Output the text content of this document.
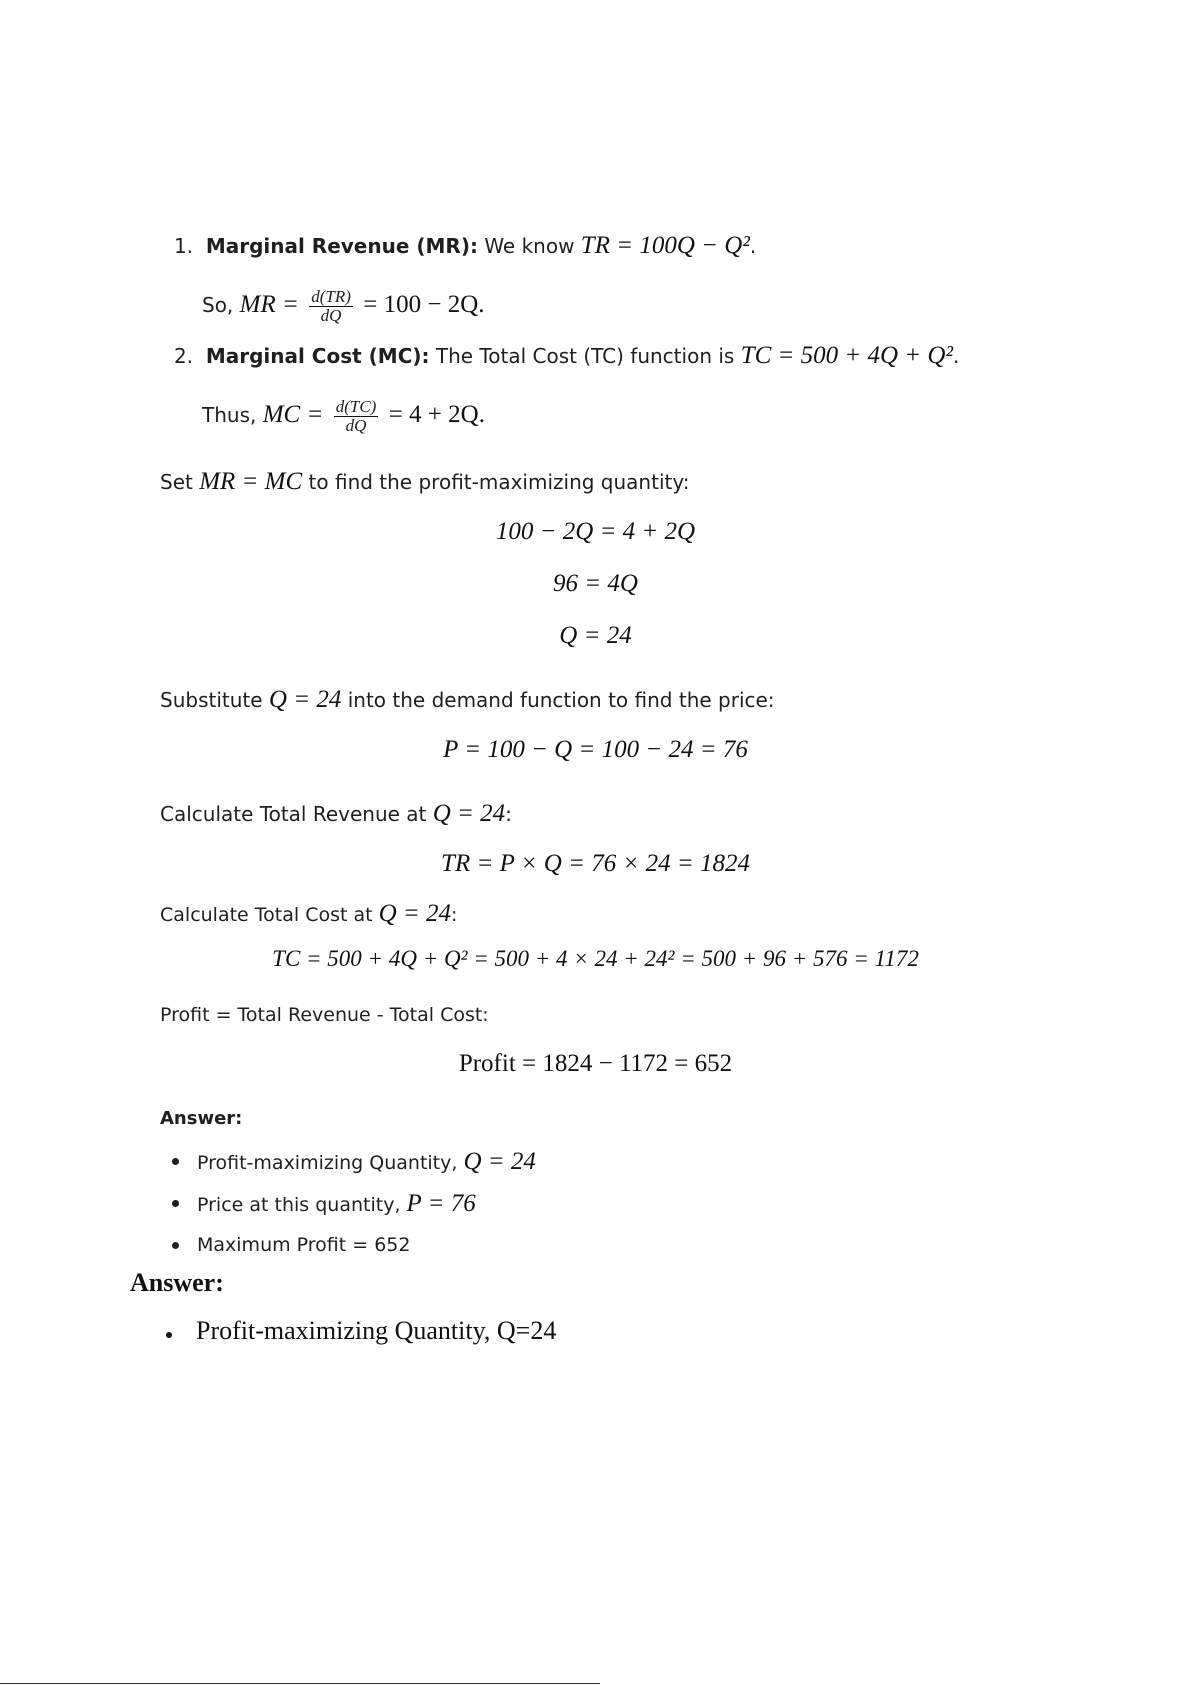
1. Marginal Revenue (MR): We know TR = 100Q − Q².
So, MR = $\frac{d(TR)}{dQ} = 100 - 2Q$.
2. Marginal Cost (MC): The Total Cost (TC) function is TC = 500 + 4Q + Q².
Thus, MC = $\frac{d(TC)}{dQ} = 4 + 2Q$.
Set MR = MC to find the profit-maximizing quantity:
100 − 2Q = 4 + 2Q
96 = 4Q
Q = 24
Substitute Q = 24 into the demand function to find the price:
P = 100 − Q = 100 − 24 = 76
Calculate Total Revenue at Q = 24:
TR = P × Q = 76 × 24 = 1824
Calculate Total Cost at Q = 24:
TC = 500 + 4Q + Q² = 500 + 4 × 24 + 24² = 500 + 96 + 576 = 1172
Profit = Total Revenue - Total Cost:
Profit = 1824 − 1172 = 652
Answer:
Profit-maximizing Quantity, Q = 24
Price at this quantity, P = 76
Maximum Profit = 652
Answer:
Profit-maximizing Quantity, Q=24
